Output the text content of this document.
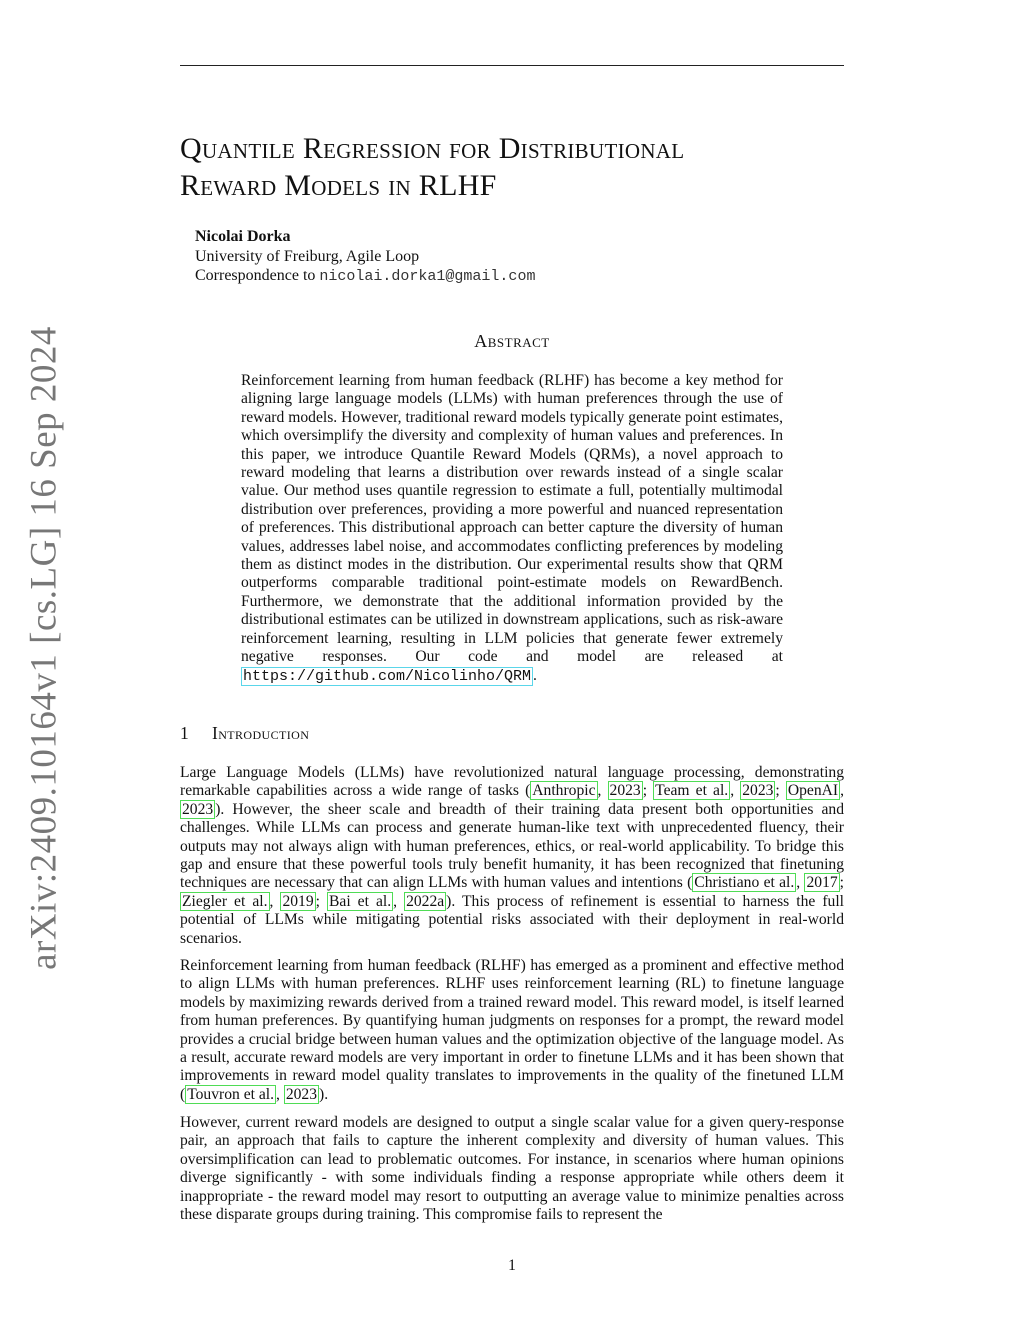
arXiv:2409.10164v1 [cs.LG] 16 Sep 2024
Quantile Regression for Distributional
Reward Models in RLHF
Nicolai Dorka
University of Freiburg, Agile Loop
Correspondence to nicolai.dorka1@gmail.com
Abstract

Reinforcement learning from human feedback (RLHF) has become a key method for aligning large language models (LLMs) with human preferences through the use of reward models. However, traditional reward models typically generate point estimates, which oversimplify the diversity and complexity of human values and preferences. In this paper, we introduce Quantile Reward Models (QRMs), a novel approach to reward modeling that learns a distribution over rewards instead of a single scalar value. Our method uses quantile regression to estimate a full, potentially multimodal distribution over preferences, providing a more powerful and nuanced representation of preferences. This distributional approach can better capture the diversity of human values, addresses label noise, and accommodates conflicting preferences by modeling them as distinct modes in the distribution. Our experimental results show that QRM outperforms comparable traditional point-estimate models on RewardBench. Furthermore, we demonstrate that the additional information provided by the distributional estimates can be utilized in downstream applications, such as risk-aware reinforcement learning, resulting in LLM policies that generate fewer extremely negative responses. Our code and model are released at https://github.com/Nicolinho/QRM .

1 Introduction

Large Language Models (LLMs) have revolutionized natural language processing, demonstrating remarkable capabilities across a wide range of tasks ( Anthropic , 2023 ; Team et al. , 2023 ; OpenAI , 2023 ). However, the sheer scale and breadth of their training data present both opportunities and challenges. While LLMs can process and generate human-like text with unprecedented fluency, their outputs may not always align with human preferences, ethics, or real-world applicability. To bridge this gap and ensure that these powerful tools truly benefit humanity, it has been recognized that finetuning techniques are necessary that can align LLMs with human values and intentions ( Christiano et al. , 2017 ; Ziegler et al. , 2019 ; Bai et al. , 2022a ). This process of refinement is essential to harness the full potential of LLMs while mitigating potential risks associated with their deployment in real-world scenarios.

Reinforcement learning from human feedback (RLHF) has emerged as a prominent and effective method to align LLMs with human preferences. RLHF uses reinforcement learning (RL) to finetune language models by maximizing rewards derived from a trained reward model. This reward model, is itself learned from human preferences. By quantifying human judgments on responses for a prompt, the reward model provides a crucial bridge between human values and the optimization objective of the language model. As a result, accurate reward models are very important in order to finetune LLMs and it has been shown that improvements in reward model quality translates to improvements in the quality of the finetuned LLM ( Touvron et al. , 2023 ).

However, current reward models are designed to output a single scalar value for a given query-response pair, an approach that fails to capture the inherent complexity and diversity of human values. This oversimplification can lead to problematic outcomes. For instance, in scenarios where human opinions diverge significantly - with some individuals finding a response appropriate while others deem it inappropriate - the reward model may resort to outputting an average value to minimize penalties across these disparate groups during training. This compromise fails to represent the

1
